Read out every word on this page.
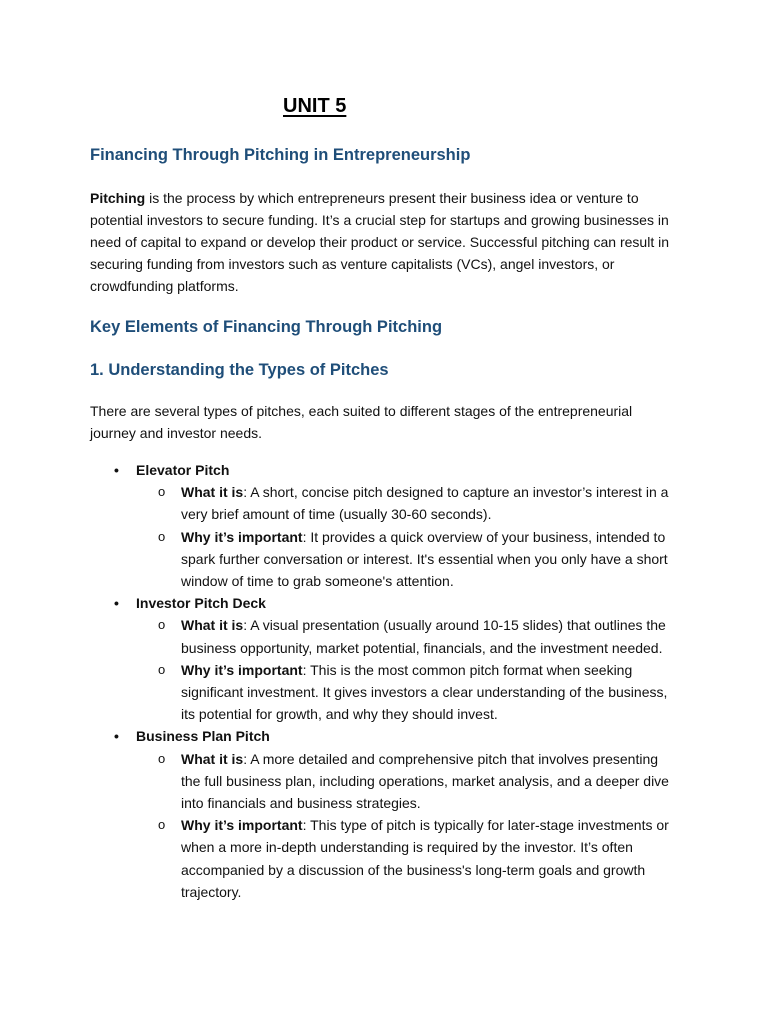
UNIT 5
Financing Through Pitching in Entrepreneurship

Pitching is the process by which entrepreneurs present their business idea or venture to potential investors to secure funding. It’s a crucial step for startups and growing businesses in need of capital to expand or develop their product or service. Successful pitching can result in securing funding from investors such as venture capitalists (VCs), angel investors, or crowdfunding platforms.

Key Elements of Financing Through Pitching
1. Understanding the Types of Pitches

There are several types of pitches, each suited to different stages of the entrepreneurial journey and investor needs.

• Elevator Pitch
o What it is: A short, concise pitch designed to capture an investor’s interest in a very brief amount of time (usually 30-60 seconds).
o Why it’s important: It provides a quick overview of your business, intended to spark further conversation or interest. It's essential when you only have a short window of time to grab someone's attention.
• Investor Pitch Deck
o What it is: A visual presentation (usually around 10-15 slides) that outlines the business opportunity, market potential, financials, and the investment needed.
o Why it’s important: This is the most common pitch format when seeking significant investment. It gives investors a clear understanding of the business, its potential for growth, and why they should invest.
• Business Plan Pitch
o What it is: A more detailed and comprehensive pitch that involves presenting the full business plan, including operations, market analysis, and a deeper dive into financials and business strategies.
o Why it’s important: This type of pitch is typically for later-stage investments or when a more in-depth understanding is required by the investor. It’s often accompanied by a discussion of the business's long-term goals and growth trajectory.
